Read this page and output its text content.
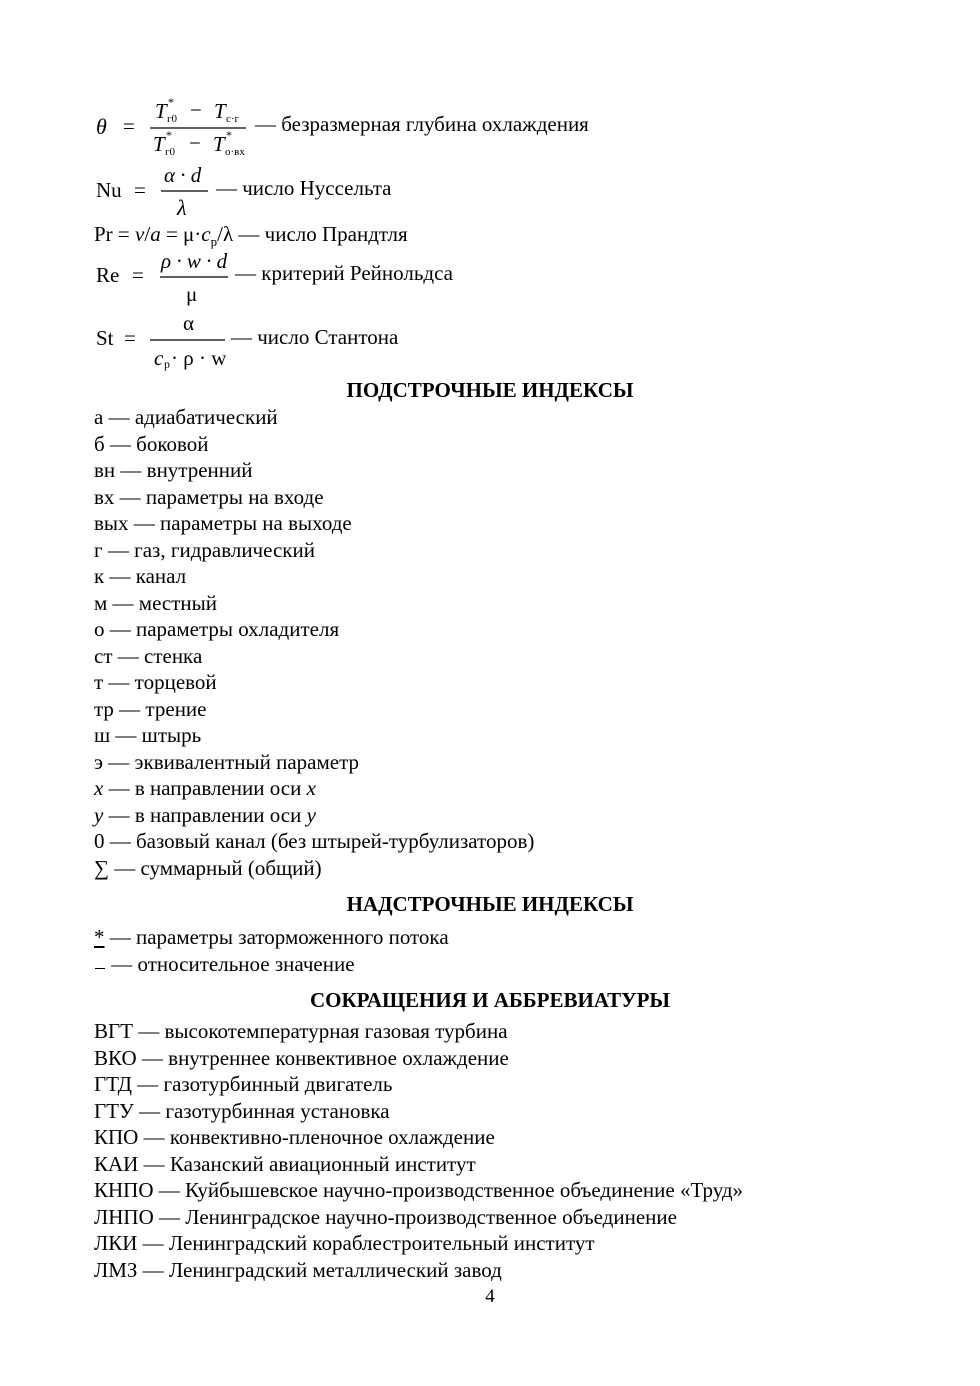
θ =
T *
г0 − T с·г
T *
г0 − T *
о·вх
— безразмерная глубина охлаждения
Nu =
α · d
λ
— число Нуссельта
$Pr = \nu/a = \mu\cdot c_p/\lambda$ — число Прандтля
Re =
ρ · w · d
μ
— критерий Рейнольдса
St =
α
c p · ρ · w
— число Стантона
ПОДСТРОЧНЫЕ ИНДЕКСЫ
а — адиабатический
б — боковой
вн — внутренний
вх — параметры на входе
вых — параметры на выходе
г — газ, гидравлический
к — канал
м — местный
о — параметры охладителя
ст — стенка
т — торцевой
тр — трение
ш — штырь
э — эквивалентный параметр
x — в направлении оси x
y — в направлении оси y
0 — базовый канал (без штырей-турбулизаторов)
∑ — суммарный (общий)
НАДСТРОЧНЫЕ ИНДЕКСЫ
* — параметры заторможенного потока
— относительное значение
СОКРАЩЕНИЯ И АББРЕВИАТУРЫ
ВГТ — высокотемпературная газовая турбина
ВКО — внутреннее конвективное охлаждение
ГТД — газотурбинный двигатель
ГТУ — газотурбинная установка
КПО — конвективно-пленочное охлаждение
КАИ — Казанский авиационный институт
КНПО — Куйбышевское научно-производственное объединение «Труд»
ЛНПО — Ленинградское научно-производственное объединение
ЛКИ — Ленинградский кораблестроительный институт
ЛМЗ — Ленинградский металлический завод
4
